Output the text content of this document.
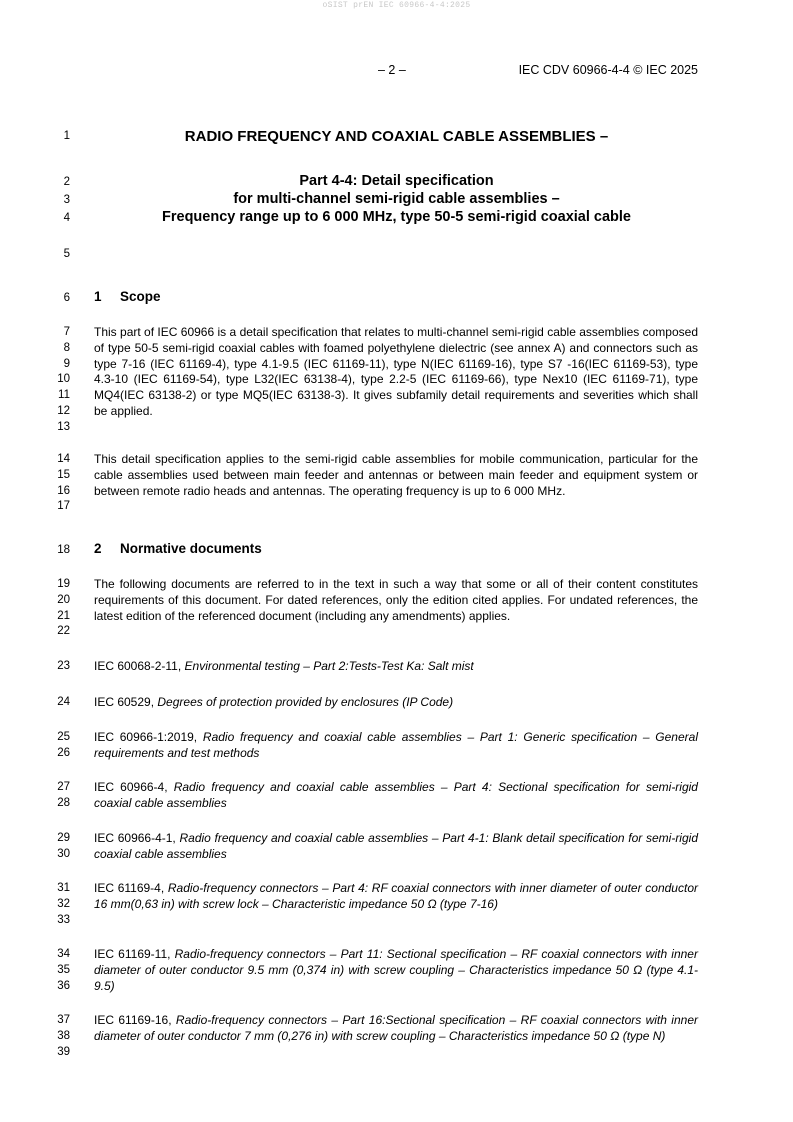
oSIST prEN IEC 60966-4-4:2025
– 2 –	IEC CDV 60966-4-4 © IEC 2025
RADIO FREQUENCY AND COAXIAL CABLE ASSEMBLIES –
Part 4-4: Detail specification
for multi-channel semi-rigid cable assemblies –
Frequency range up to 6 000 MHz, type 50-5 semi-rigid coaxial cable
1
2
3
4
5
6
7
8
9
10
11
12
13
14
15
16
17
18
19
20
21
22
23
24
25
26
27
28
29
30
31
32
33
34
35
36
37
38
39
1 Scope
This part of IEC 60966 is a detail specification that relates to multi-channel semi-rigid cable assemblies composed of type 50-5 semi-rigid coaxial cables with foamed polyethylene dielectric (see annex A) and connectors such as type 7-16 (IEC 61169-4), type 4.1-9.5 (IEC 61169-11), type N(IEC 61169-16), type S7 -16(IEC 61169-53), type 4.3-10 (IEC 61169-54), type L32(IEC 63138-4), type 2.2-5 (IEC 61169-66), type Nex10 (IEC 61169-71), type MQ4(IEC 63138-2) or type MQ5(IEC 63138-3). It gives subfamily detail requirements and severities which shall be applied.
This detail specification applies to the semi-rigid cable assemblies for mobile communication, particular for the cable assemblies used between main feeder and antennas or between main feeder and equipment system or between remote radio heads and antennas. The operating frequency is up to 6 000 MHz.
2 Normative documents
The following documents are referred to in the text in such a way that some or all of their content constitutes requirements of this document. For dated references, only the edition cited applies. For undated references, the latest edition of the referenced document (including any amendments) applies.
IEC 60068-2-11, Environmental testing – Part 2:Tests-Test Ka: Salt mist
IEC 60529, Degrees of protection provided by enclosures (IP Code)
IEC 60966-1:2019, Radio frequency and coaxial cable assemblies – Part 1: Generic specification – General requirements and test methods
IEC 60966-4, Radio frequency and coaxial cable assemblies – Part 4: Sectional specification for semi-rigid coaxial cable assemblies
IEC 60966-4-1, Radio frequency and coaxial cable assemblies – Part 4-1: Blank detail specification for semi-rigid coaxial cable assemblies
IEC 61169-4, Radio-frequency connectors – Part 4: RF coaxial connectors with inner diameter of outer conductor 16 mm(0,63 in) with screw lock – Characteristic impedance 50 Ω (type 7-16)
IEC 61169-11, Radio-frequency connectors – Part 11: Sectional specification – RF coaxial connectors with inner diameter of outer conductor 9.5 mm (0,374 in) with screw coupling – Characteristics impedance 50 Ω (type 4.1-9.5)
IEC 61169-16, Radio-frequency connectors – Part 16:Sectional specification – RF coaxial connectors with inner diameter of outer conductor 7 mm (0,276 in) with screw coupling – Characteristics impedance 50 Ω (type N)
